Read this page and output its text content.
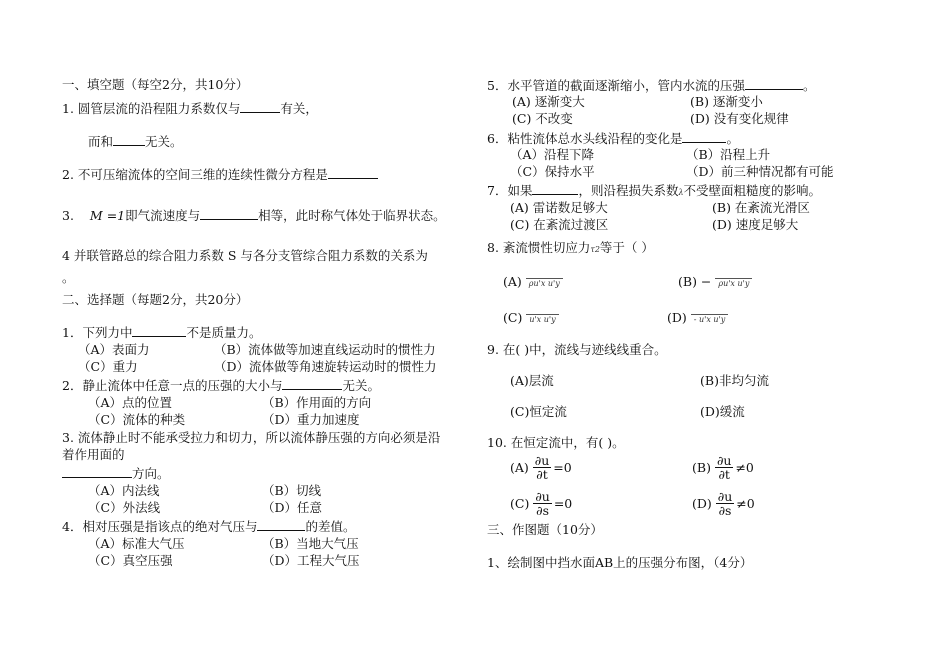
一、填空题（每空2分，共10分）
1. 圆管层流的沿程阻力系数仅与	有关，
而和	无关。
2. 不可压缩流体的空间三维的连续性微分方程是
3. M =1即气流速度与	相等，此时称气体处于临界状态。
4 并联管路总的综合阻力系数 S 与各分支管综合阻力系数的关系为
。
二、选择题（每题2分，共20分）
1．下列力中	不是质量力。
（A）表面力	（B）流体做等加速直线运动时的惯性力
（C）重力	（D）流体做等角速旋转运动时的惯性力
2．静止流体中任意一点的压强的大小与	无关。
（A）点的位置	（B）作用面的方向
（C）流体的种类	（D）重力加速度
3. 流体静止时不能承受拉力和切力，所以流体静压强的方向必须是沿
着作用面的
方向。
（A）内法线	（B）切线
（C）外法线	（D）任意
4．相对压强是指该点的绝对气压与	的差值。
（A）标准大气压	（B）当地大气压
（C）真空压强	（D）工程大气压
5．水平管道的截面逐渐缩小，管内水流的压强	。
(A) 逐渐变大	(B) 逐渐变小
(C) 不改变	(D) 没有变化规律
6．粘性流体总水头线沿程的变化是	。
（A）沿程下降	（B）沿程上升
（C）保持水平	（D）前三种情况都有可能
7．如果	，则沿程损失系数λ不受壁面粗糙度的影响。
(A) 雷诺数足够大	(B) 在紊流光滑区
(C) 在紊流过渡区	(D) 速度足够大
8. 紊流惯性切应力τ2等于（ ）
(A) ρu'x u'y	(B) − ρu'x u'y
(C) u'x u'y	(D) - u'x u'y
9. 在( )中，流线与迹线线重合。
(A)层流	(B)非均匀流
(C)恒定流	(D)缓流
10. 在恒定流中，有( )。
$(A) \frac{\partial u}{\partial t} =0$	$(B) \frac{\partial u}{\partial t} \ne 0$
$(C) \frac{\partial u}{\partial s} =0$	$(D) \frac{\partial u}{\partial s} \ne 0$
三、作图题（10分）
1、绘制图中挡水面AB上的压强分布图，（4分）
